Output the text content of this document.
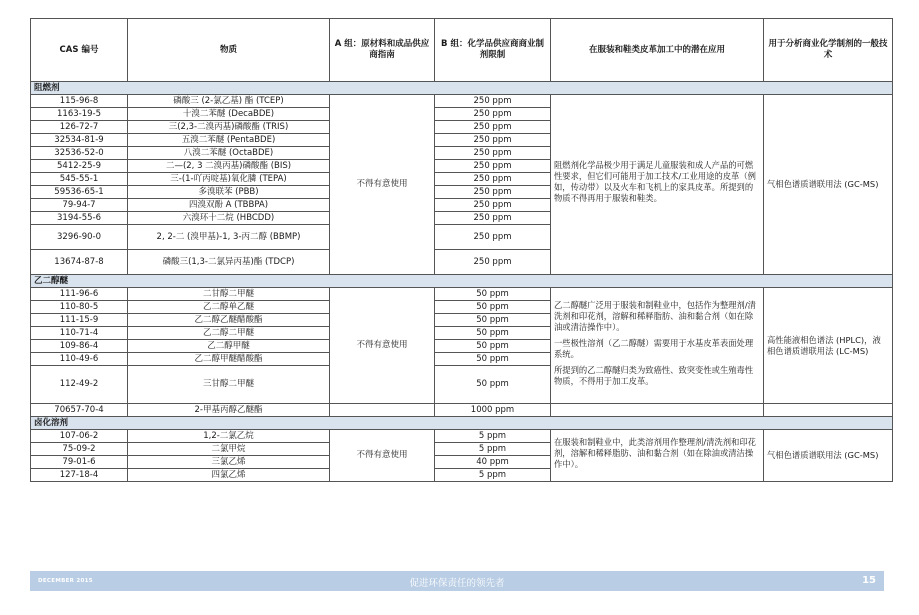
CAS 编号	物质	A 组：原材料和成品供应商指南	B 组：化学品供应商商业制剂限制	在服装和鞋类皮革加工中的潜在应用	用于分析商业化学制剂的一般技术
阻燃剂					
115-96-8	磷酸三 (2-氯乙基) 酯 (TCEP)	不得有意使用	250 ppm	阻燃剂化学品极少用于满足儿童服装和成人产品的可燃性要求，但它们可能用于加工技术/工业用途的皮革（例如，传动带）以及火车和飞机上的家具皮革。所提到的物质不得再用于服装和鞋类。	气相色谱质谱联用法 (GC-MS)
1163-19-5	十溴二苯醚 (DecaBDE)		250 ppm		
126-72-7	三(2,3-二溴丙基)磷酸酯 (TRIS)		250 ppm		
32534-81-9	五溴二苯醚 (PentaBDE)		250 ppm		
32536-52-0	八溴二苯醚 (OctaBDE)		250 ppm		
5412-25-9	二—(2, 3 二溴丙基)磷酸酯 (BIS)		250 ppm		
545-55-1	三-(1-吖丙啶基)氧化膦 (TEPA)		250 ppm		
59536-65-1	多溴联苯 (PBB)		250 ppm		
79-94-7	四溴双酚 A (TBBPA)		250 ppm		
3194-55-6	六溴环十二烷 (HBCDD)		250 ppm		
3296-90-0	2, 2-二 (溴甲基)-1, 3-丙二醇 (BBMP)		250 ppm		
13674-87-8	磷酸三(1,3-二氯异丙基)酯 (TDCP)		250 ppm		
乙二醇醚					
111-96-6	二甘醇二甲醚	不得有意使用	50 ppm	乙二醇醚广泛用于服装和制鞋业中，包括作为整理剂/清洗剂和印花剂，溶解和稀释脂肪、油和黏合剂（如在除油或清洁操作中）。

一些极性溶剂（乙二醇醚）需要用于水基皮革表面处理系统。

所提到的乙二醇醚归类为致癌性、致突变性或生殖毒性物质，不得用于加工皮革。	高性能液相色谱法 (HPLC)，液相色谱质谱联用法 (LC-MS)
110-80-5	乙二醇单乙醚		50 ppm		
111-15-9	乙二醇乙醚醋酸酯		50 ppm		
110-71-4	乙二醇二甲醚		50 ppm		
109-86-4	乙二醇甲醚		50 ppm		
110-49-6	乙二醇甲醚醋酸酯		50 ppm		
112-49-2	三甘醇二甲醚		50 ppm		
70657-70-4	2-甲基丙醇乙醚酯		1000 ppm		
卤化溶剂					
107-06-2	1,2-二氯乙烷	不得有意使用	5 ppm	在服装和制鞋业中，此类溶剂用作整理剂/清洗剂和印花剂，溶解和稀释脂肪、油和黏合剂（如在除油或清洁操作中）。	气相色谱质谱联用法 (GC-MS)
75-09-2	二氯甲烷		5 ppm		
79-01-6	三氯乙烯		40 ppm		
127-18-4	四氯乙烯		5 ppm		
DECEMBER 2015	促进环保责任的领先者	15
